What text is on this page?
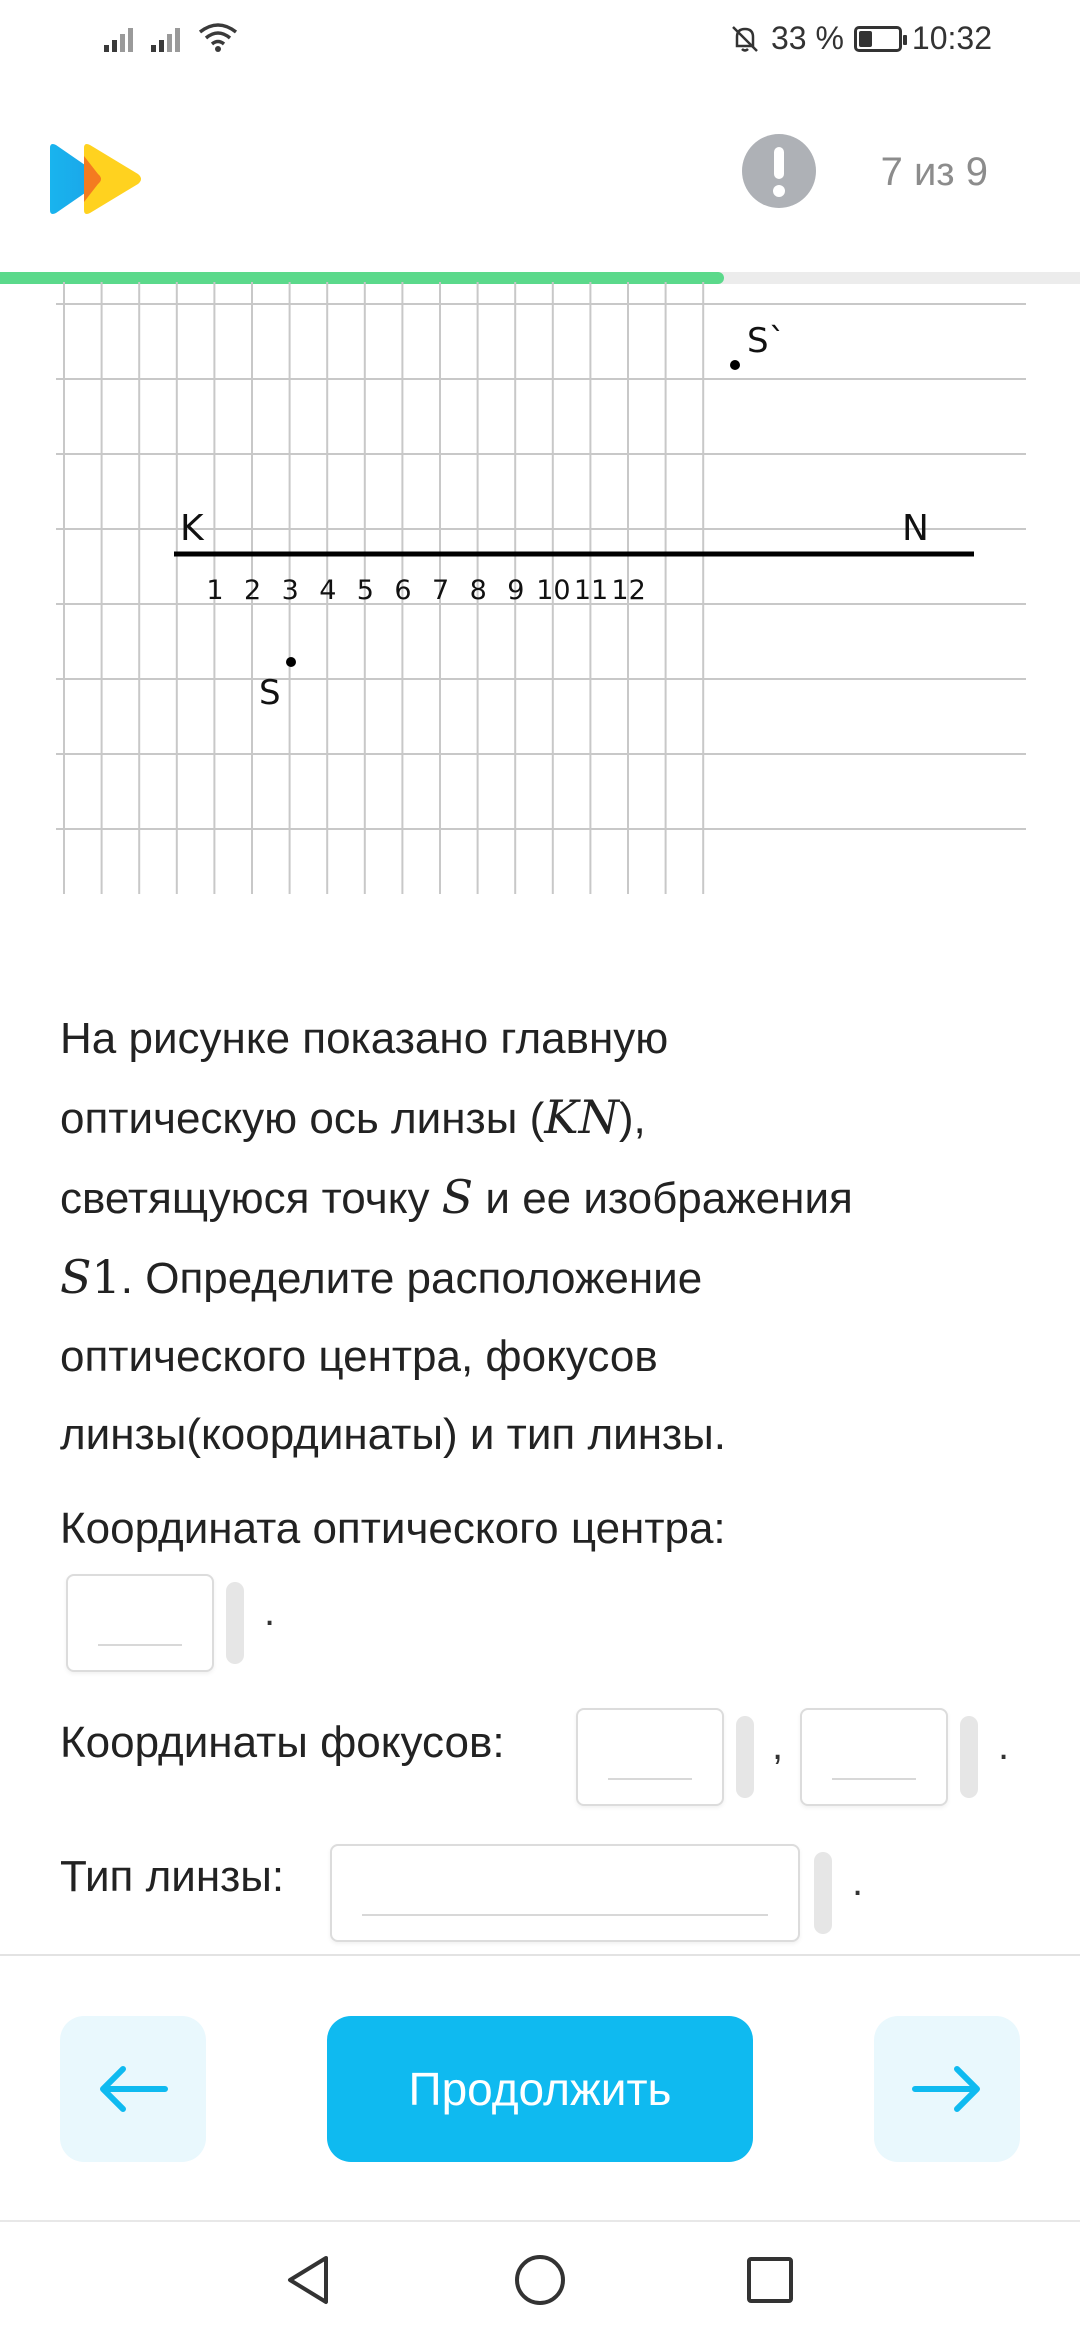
33 % 10:32
7 из 9
K	N
1 2 3 4 5 6 7 8 9 10 11 12
S`
S
На рисунке показано главную
оптическую ось линзы (KN),
светящуюся точку S и ее изображения
S1. Определите расположение
оптического центра, фокусов
линзы(координаты) и тип линзы.
Координата оптического центра:
.
Координаты фокусов:	,	.
Тип линзы:	.
Продолжить
